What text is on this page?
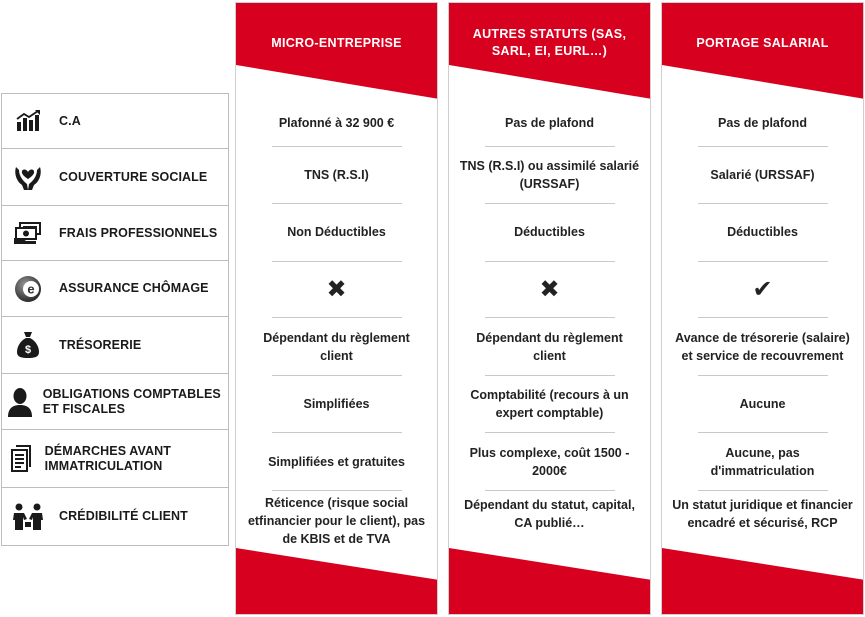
C.A
COUVERTURE SOCIALE
FRAIS PROFESSIONNELS
e	ASSURANCE CHÔMAGE
$	TRÉSORERIE
OBLIGATIONS COMPTABLES ET FISCALES
DÉMARCHES AVANT IMMATRICULATION
CRÉDIBILITÉ CLIENT
MICRO-ENTREPRISE
Plafonné à 32 900 €
TNS (R.S.I)
Non Déductibles
✖
Dépendant du règlement client
Simplifiées
Simplifiées et gratuites
Réticence (risque social etfinancier pour le client), pas de KBIS et de TVA
AUTRES STATUTS (SAS, SARL, EI, EURL…)
Pas de plafond
TNS (R.S.I) ou assimilé salarié (URSSAF)
Déductibles
✖
Dépendant du règlement client
Comptabilité (recours à un expert comptable)
Plus complexe, coût 1500 - 2000€
Dépendant du statut, capital, CA publié…
PORTAGE SALARIAL
Pas de plafond
Salarié (URSSAF)
Déductibles
✔
Avance de trésorerie (salaire) et service de recouvrement
Aucune
Aucune, pas d'immatriculation
Un statut juridique et financier encadré et sécurisé, RCP
